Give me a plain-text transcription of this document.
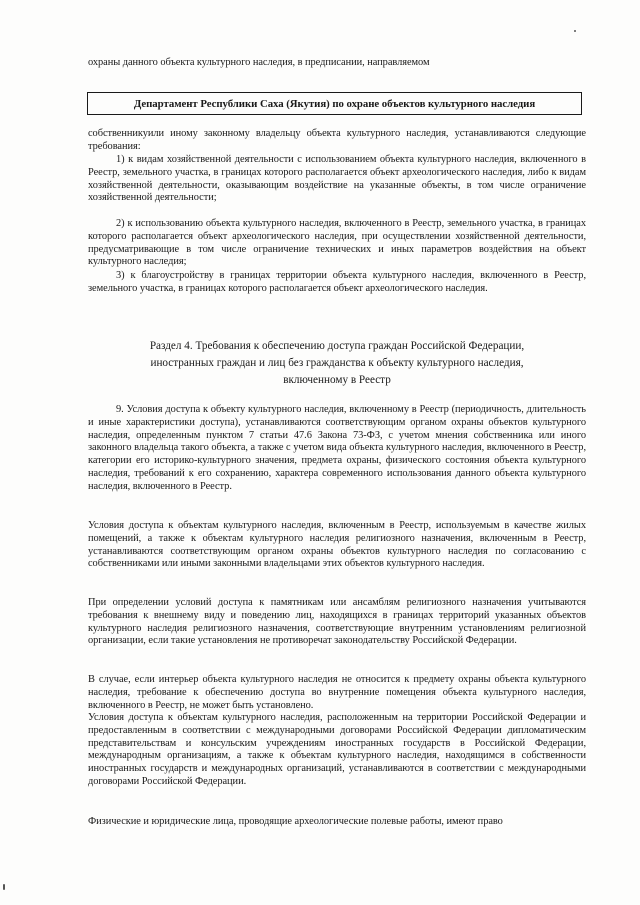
охраны данного объекта культурного наследия, в предписании, направляемом

Департамент Республики Саха (Якутия) по охране объектов культурного наследия

собственникуили иному законному владельцу объекта культурного наследия, устанавливаются следующие требования:

1) к видам хозяйственной деятельности с использованием объекта культурного наследия, включенного в Реестр, земельного участка, в границах которого располагается объект археологического наследия, либо к видам хозяйственной деятельности, оказывающим воздействие на указанные объекты, в том числе ограничение хозяйственной деятельности;

2) к использованию объекта культурного наследия, включенного в Реестр, земельного участка, в границах которого располагается объект археологического наследия, при осуществлении хозяйственной деятельности, предусматривающие в том числе ограничение технических и иных параметров воздействия на объект культурного наследия;

3) к благоустройству в границах территории объекта культурного наследия, включенного в Реестр, земельного участка, в границах которого располагается объект археологического наследия.

Раздел 4. Требования к обеспечению доступа граждан Российской Федерации,
иностранных граждан и лиц без гражданства к объекту культурного наследия,
включенному в Реестр

9. Условия доступа к объекту культурного наследия, включенному в Реестр (периодичность, длительность и иные характеристики доступа), устанавливаются соответствующим органом охраны объектов культурного наследия, определенным пунктом 7 статьи 47.6 Закона 73-ФЗ, с учетом мнения собственника или иного законного владельца такого объекта, а также с учетом вида объекта культурного наследия, включенного в Реестр, категории его историко-культурного значения, предмета охраны, физического состояния объекта культурного наследия, требований к его сохранению, характера современного использования данного объекта культурного наследия, включенного в Реестр.

Условия доступа к объектам культурного наследия, включенным в Реестр, используемым в качестве жилых помещений, а также к объектам культурного наследия религиозного назначения, включенным в Реестр, устанавливаются соответствующим органом охраны объектов культурного наследия по согласованию с собственниками или иными законными владельцами этих объектов культурного наследия.

При определении условий доступа к памятникам или ансамблям религиозного назначения учитываются требования к внешнему виду и поведению лиц, находящихся в границах территорий указанных объектов культурного наследия религиозного назначения, соответствующие внутренним установлениям религиозной организации, если такие установления не противоречат законодательству Российской Федерации.

В случае, если интерьер объекта культурного наследия не относится к предмету охраны объекта культурного наследия, требование к обеспечению доступа во внутренние помещения объекта культурного наследия, включенного в Реестр, не может быть установлено.

Условия доступа к объектам культурного наследия, расположенным на территории Российской Федерации и предоставленным в соответствии с международными договорами Российской Федерации дипломатическим представительствам и консульским учреждениям иностранных государств в Российской Федерации, международным организациям, а также к объектам культурного наследия, находящимся в собственности иностранных государств и международных организаций, устанавливаются в соответствии с международными договорами Российской Федерации.

Физические и юридические лица, проводящие археологические полевые работы, имеют право
